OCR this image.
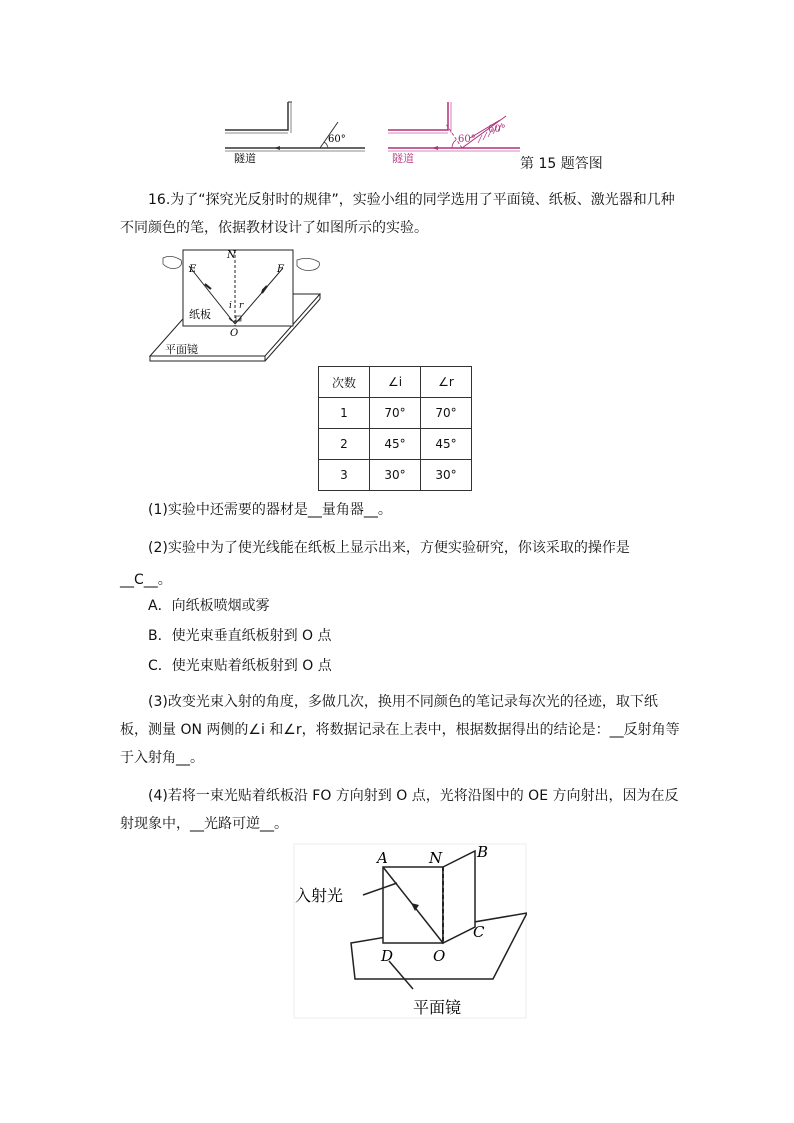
60°
隧道
60°
60°
隧道	第 15 题答图
16.为了“探究光反射时的规律”，实验小组的同学选用了平面镜、纸板、激光器和几种不同颜色的笔，依据教材设计了如图所示的实验。
E
N
F
i r
O
纸板
平面镜
次数	∠i	∠r
1	70°	70°
2	45°	45°
3	30°	30°
(1)实验中还需要的器材是__量角器__。
(2)实验中为了使光线能在纸板上显示出来，方便实验研究，你该采取的操作是__C__。
A．向纸板喷烟或雾
B．使光束垂直纸板射到 O 点
C．使光束贴着纸板射到 O 点
(3)改变光束入射的角度，多做几次，换用不同颜色的笔记录每次光的径迹，取下纸板，测量 ON 两侧的∠i 和∠r，将数据记录在上表中，根据数据得出的结论是：__反射角等于入射角__。
(4)若将一束光贴着纸板沿 FO 方向射到 O 点，光将沿图中的 OE 方向射出，因为在反射现象中，__光路可逆__。
A	N B
C
D	O
入射光
平面镜
